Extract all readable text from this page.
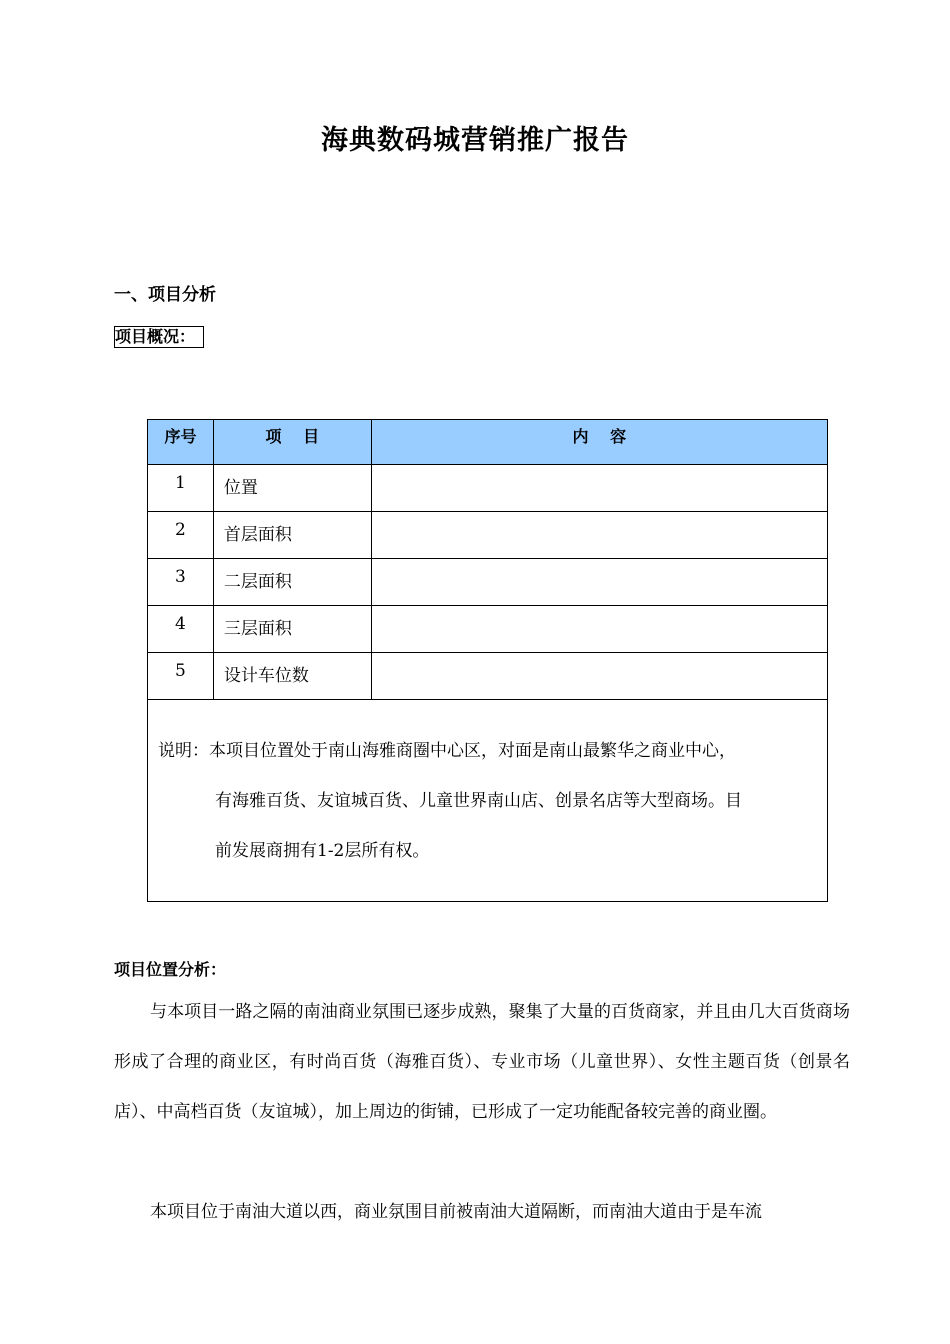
海典数码城营销推广报告
一、项目分析
项目概况：
序号	项　 目	内　 容
1	位置	
2	首层面积	
3	二层面积	
4	三层面积	
5	设计车位数	

说明：本项目位置处于南山海雅商圈中心区，对面是南山最繁华之商业中心，
有海雅百货、友谊城百货、儿童世界南山店、创景名店等大型商场。目
前发展商拥有1-2层所有权。		
项目位置分析：
与本项目一路之隔的南油商业氛围已逐步成熟，聚集了大量的百货商家，并且由几大百货商场形成了合理的商业区，有时尚百货（海雅百货）、专业市场（儿童世界）、女性主题百货（创景名店）、中高档百货（友谊城），加上周边的街铺，已形成了一定功能配备较完善的商业圈。
本项目位于南油大道以西，商业氛围目前被南油大道隔断，而南油大道由于是车流
